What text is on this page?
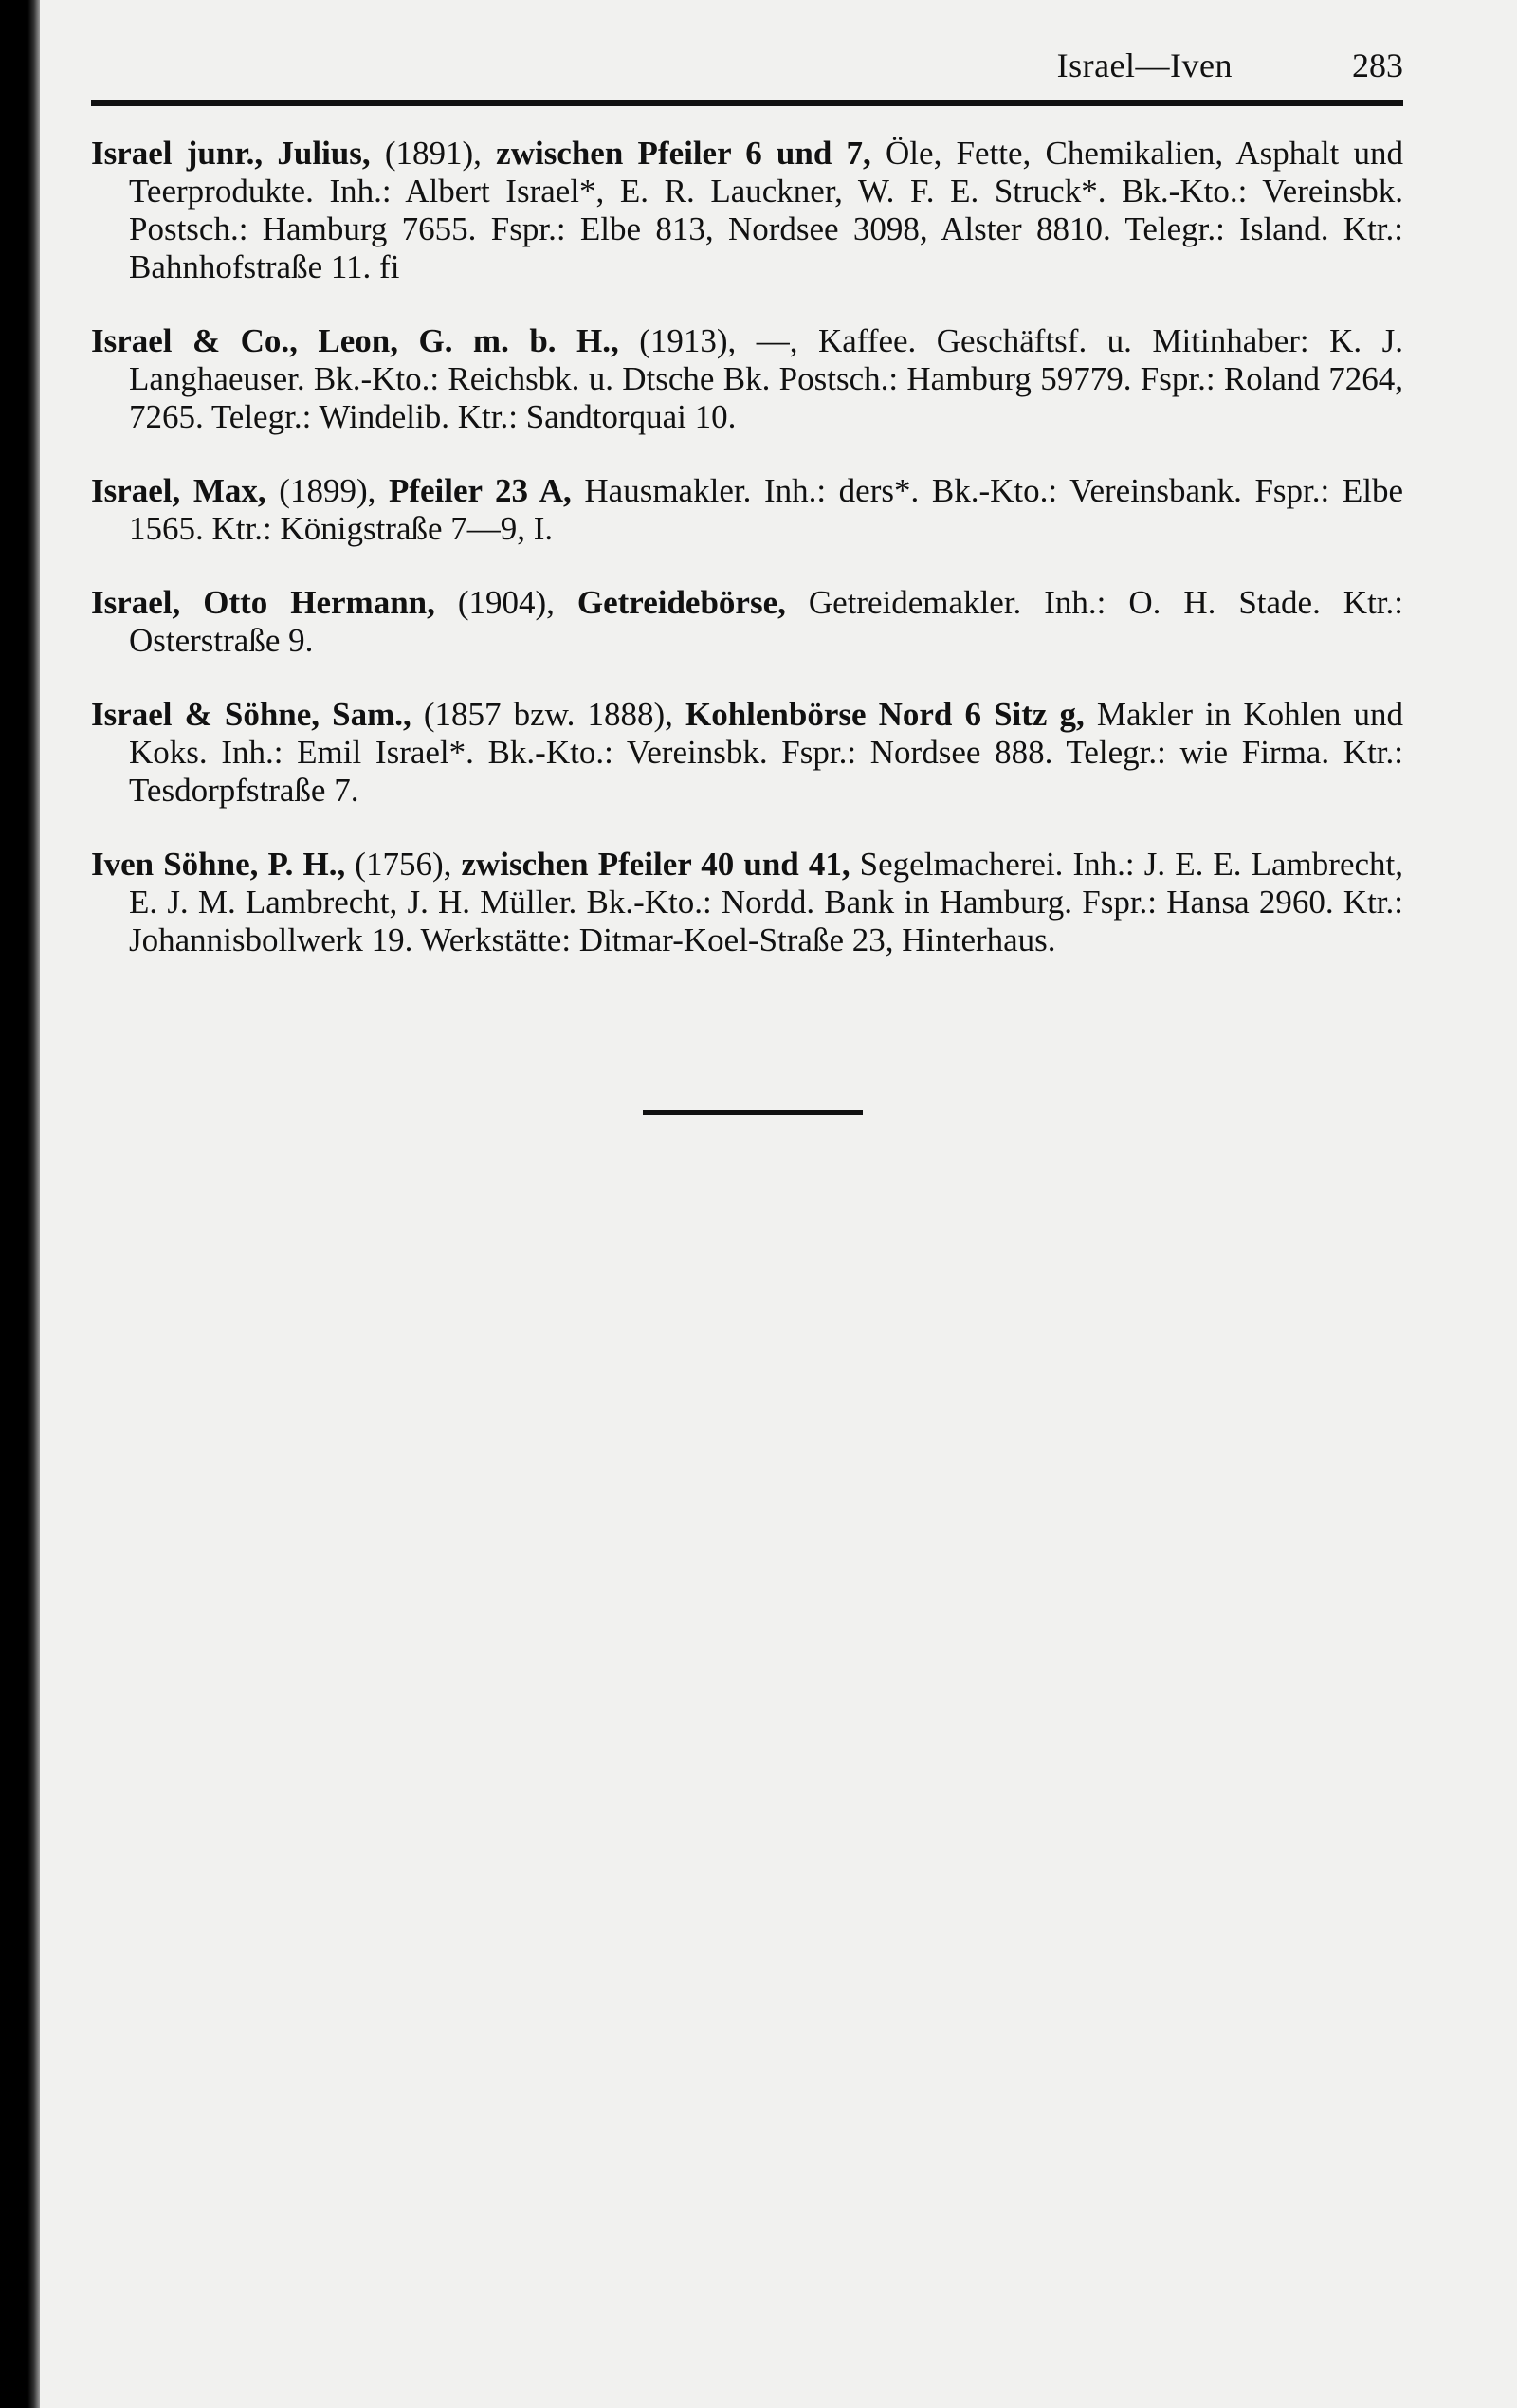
Israel—Iven	283

Israel junr., Julius, (1891), zwischen Pfeiler 6 und 7, Öle, Fette, Chemikalien, Asphalt und Teerprodukte. Inh.: Albert Israel*, E. R. Lauckner, W. F. E. Struck*. Bk.-Kto.: Vereinsbk. Postsch.: Hamburg 7655. Fspr.: Elbe 813, Nordsee 3098, Alster 8810. Telegr.: Island. Ktr.: Bahnhofstraße 11. fi

Israel & Co., Leon, G. m. b. H., (1913), —, Kaffee. Geschäftsf. u. Mitinhaber: K. J. Langhaeuser. Bk.-Kto.: Reichsbk. u. Dtsche Bk. Postsch.: Hamburg 59779. Fspr.: Roland 7264, 7265. Telegr.: Windelib. Ktr.: Sandtorquai 10.

Israel, Max, (1899), Pfeiler 23 A, Hausmakler. Inh.: ders*. Bk.-Kto.: Vereinsbank. Fspr.: Elbe 1565. Ktr.: Königstraße 7—9, I.

Israel, Otto Hermann, (1904), Getreidebörse, Getreidemakler. Inh.: O. H. Stade. Ktr.: Osterstraße 9.

Israel & Söhne, Sam., (1857 bzw. 1888), Kohlenbörse Nord 6 Sitz g, Makler in Kohlen und Koks. Inh.: Emil Israel*. Bk.-Kto.: Vereinsbk. Fspr.: Nordsee 888. Telegr.: wie Firma. Ktr.: Tesdorpfstraße 7.

Iven Söhne, P. H., (1756), zwischen Pfeiler 40 und 41, Segelmacherei. Inh.: J. E. E. Lambrecht, E. J. M. Lambrecht, J. H. Müller. Bk.-Kto.: Nordd. Bank in Hamburg. Fspr.: Hansa 2960. Ktr.: Johannisbollwerk 19. Werkstätte: Ditmar-Koel-Straße 23, Hinterhaus.
